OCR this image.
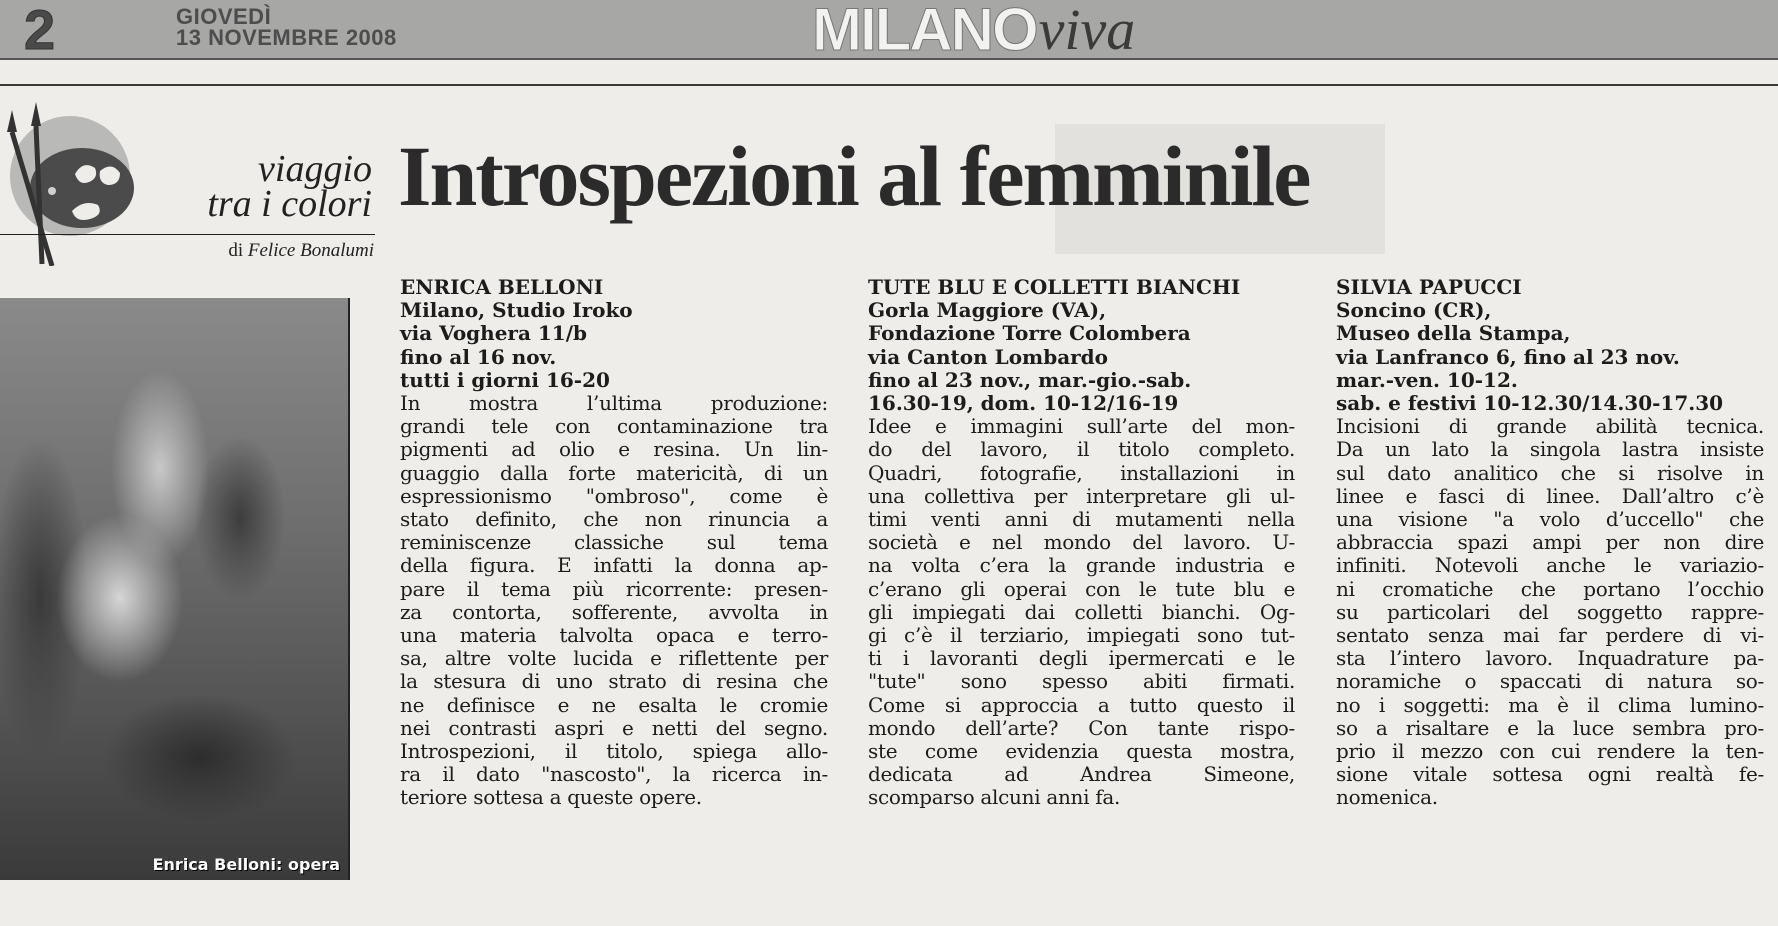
2	GIOVEDÌ
13 NOVEMBRE 2008	MILANO viva
viaggio
tra i colori
di Felice Bonalumi
Introspezioni al femminile
Enrica Belloni: opera
ENRICA BELLONI
Milano, Studio Iroko
via Voghera 11/b
fino al 16 nov.
tutti i giorni 16-20
In mostra l’ultima produzione:
grandi tele con contaminazione tra
pigmenti ad olio e resina. Un lin-
guaggio dalla forte matericità, di un
espressionismo "ombroso", come è
stato definito, che non rinuncia a
reminiscenze classiche sul tema
della figura. E infatti la donna ap-
pare il tema più ricorrente: presen-
za contorta, sofferente, avvolta in
una materia talvolta opaca e terro-
sa, altre volte lucida e riflettente per
la stesura di uno strato di resina che
ne definisce e ne esalta le cromie
nei contrasti aspri e netti del segno.
Introspezioni, il titolo, spiega allo-
ra il dato "nascosto", la ricerca in-
teriore sottesa a queste opere.
TUTE BLU E COLLETTI BIANCHI
Gorla Maggiore (VA),
Fondazione Torre Colombera
via Canton Lombardo
fino al 23 nov., mar.-gio.-sab.
16.30-19, dom. 10-12/16-19
Idee e immagini sull’arte del mon-
do del lavoro, il titolo completo.
Quadri, fotografie, installazioni in
una collettiva per interpretare gli ul-
timi venti anni di mutamenti nella
società e nel mondo del lavoro. U-
na volta c’era la grande industria e
c’erano gli operai con le tute blu e
gli impiegati dai colletti bianchi. Og-
gi c’è il terziario, impiegati sono tut-
ti i lavoranti degli ipermercati e le
"tute" sono spesso abiti firmati.
Come si approccia a tutto questo il
mondo dell’arte? Con tante rispo-
ste come evidenzia questa mostra,
dedicata ad Andrea Simeone,
scomparso alcuni anni fa.
SILVIA PAPUCCI
Soncino (CR),
Museo della Stampa,
via Lanfranco 6, fino al 23 nov.
mar.-ven. 10-12.
sab. e festivi 10-12.30/14.30-17.30
Incisioni di grande abilità tecnica.
Da un lato la singola lastra insiste
sul dato analitico che si risolve in
linee e fasci di linee. Dall’altro c’è
una visione "a volo d’uccello" che
abbraccia spazi ampi per non dire
infiniti. Notevoli anche le variazio-
ni cromatiche che portano l’occhio
su particolari del soggetto rappre-
sentato senza mai far perdere di vi-
sta l’intero lavoro. Inquadrature pa-
noramiche o spaccati di natura so-
no i soggetti: ma è il clima lumino-
so a risaltare e la luce sembra pro-
prio il mezzo con cui rendere la ten-
sione vitale sottesa ogni realtà fe-
nomenica.
